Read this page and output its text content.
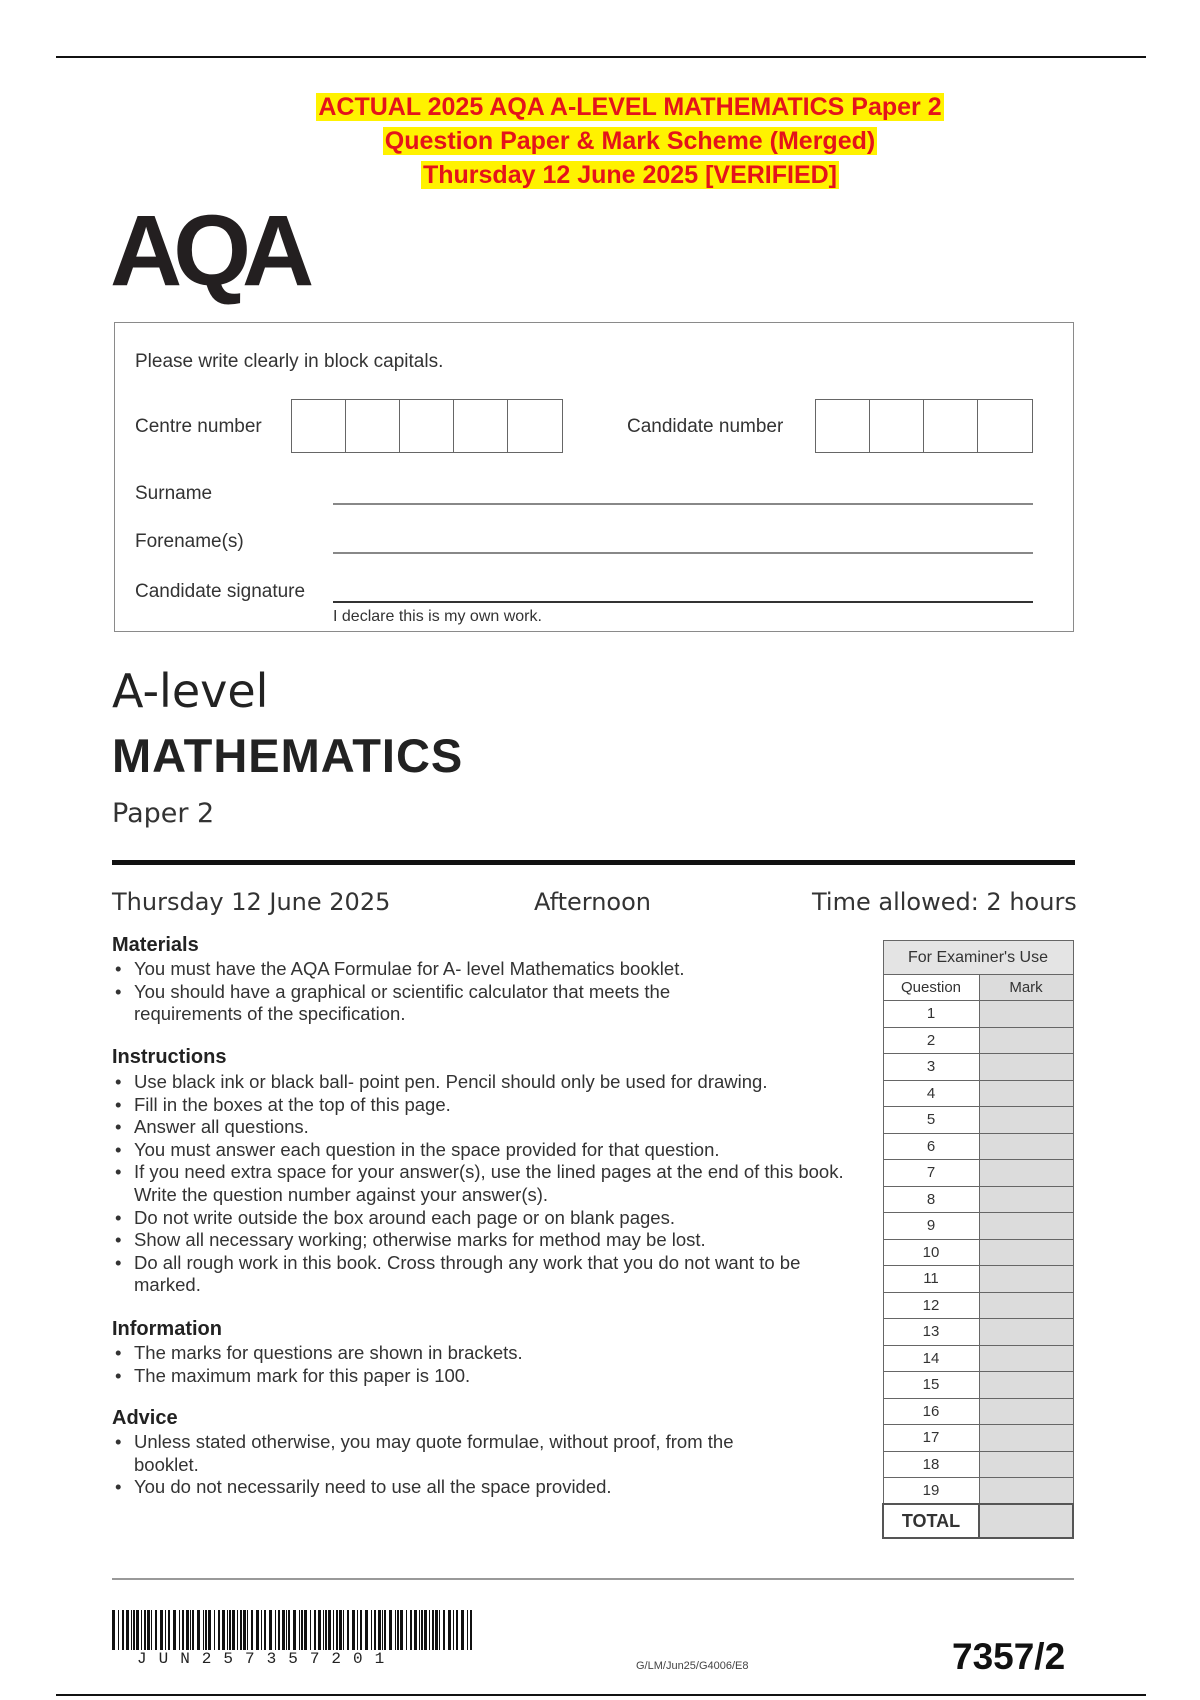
ACTUAL 2025 AQA A-LEVEL MATHEMATICS Paper 2
Question Paper & Mark Scheme (Merged)
Thursday 12 June 2025 [VERIFIED]
AQA
Please write clearly in block capitals.
Centre number	Candidate number
Surname
Forename(s)
Candidate signature
I declare this is my own work.
A-level
MATHEMATICS
Paper 2
Thursday 12 June 2025	Afternoon	Time allowed: 2 hours
Materials
• You must have the AQA Formulae for A- level Mathematics booklet.
• You should have a graphical or scientific calculator that meets the requirements of the specification.
Instructions
• Use black ink or black ball- point pen. Pencil should only be used for drawing.
• Fill in the boxes at the top of this page.
• Answer all questions.
• You must answer each question in the space provided for that question.
• If you need extra space for your answer(s), use the lined pages at the end of this book. Write the question number against your answer(s).
• Do not write outside the box around each page or on blank pages.
• Show all necessary working; otherwise marks for method may be lost.
• Do all rough work in this book. Cross through any work that you do not want to be marked.
Information
• The marks for questions are shown in brackets.
• The maximum mark for this paper is 100.
Advice
• Unless stated otherwise, you may quote formulae, without proof, from the booklet.
• You do not necessarily need to use all the space provided.
For Examiner's Use	
Question	Mark
1	
2	
3	
4	
5	
6	
7	
8	
9	
10	
11	
12	
13	
14	
15	
16	
17	
18	
19	
TOTAL	
JUN257357201	G/LM/Jun25/G4006/E8	7357/2
